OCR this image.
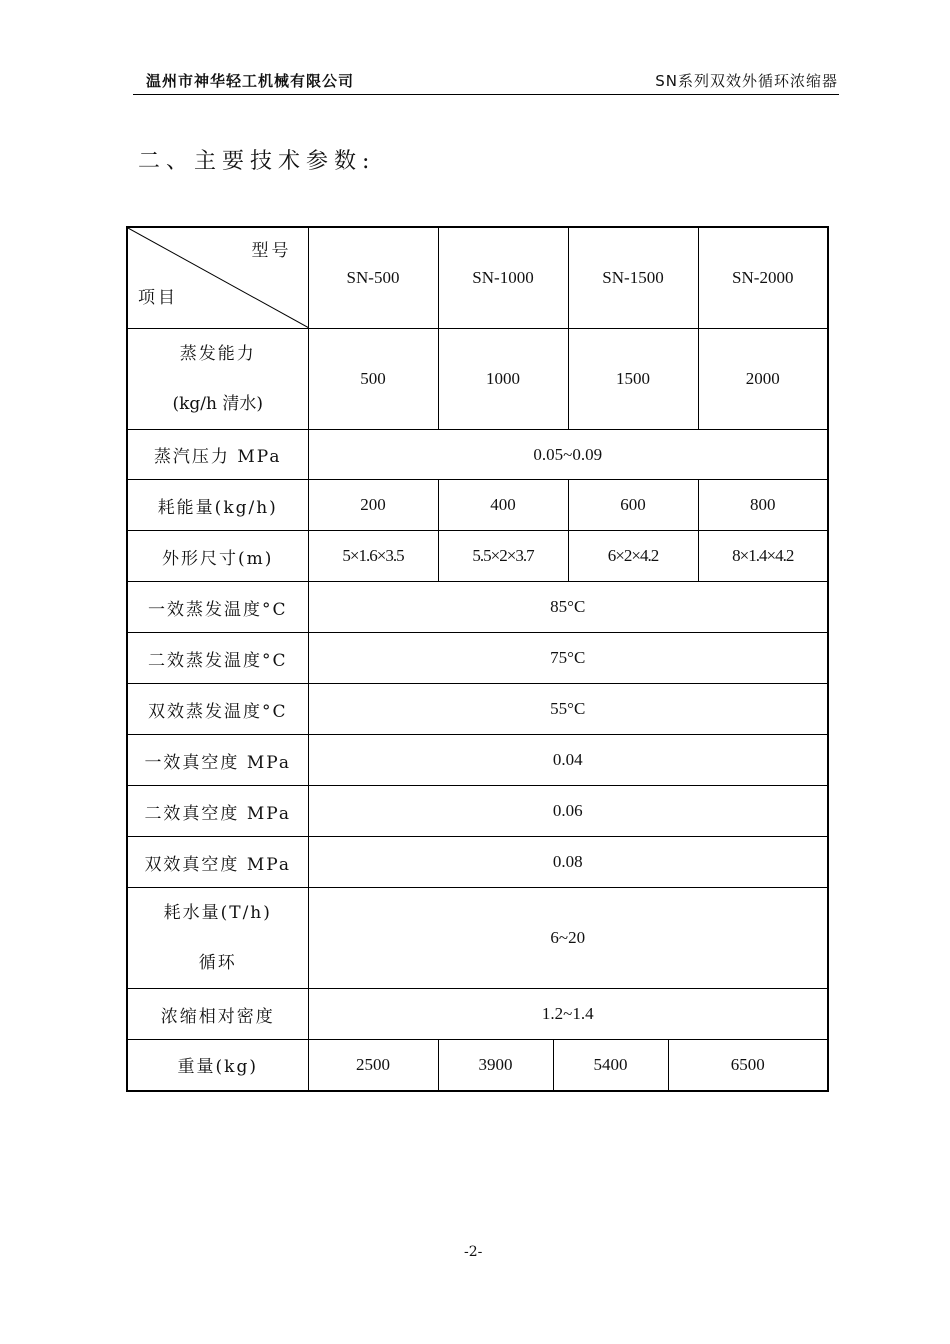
温州市神华轻工机械有限公司	SN系列双效外循环浓缩器
二、主要技术参数:
型号
项目	SN-500	SN-1000		SN-1500		SN-2000

蒸发能力
(kg/h 清水)	500	1000		1500		2000
蒸汽压力 MPa	0.05~0.09					
耗能量(kg/h)	200	400		600		800
外形尺寸(m)	5×1.6×3.5	5.5×2×3.7		6×2×4.2		8×1.4×4.2
一效蒸发温度°C	85°C					
二效蒸发温度°C	75°C					
双效蒸发温度°C	55°C					
一效真空度 MPa	0.04					
二效真空度 MPa	0.06					
双效真空度 MPa	0.08					

耗水量(T/h)
循环	6~20					
浓缩相对密度	1.2~1.4					
重量(kg)	2500	3900	5400		6500	
-2-
